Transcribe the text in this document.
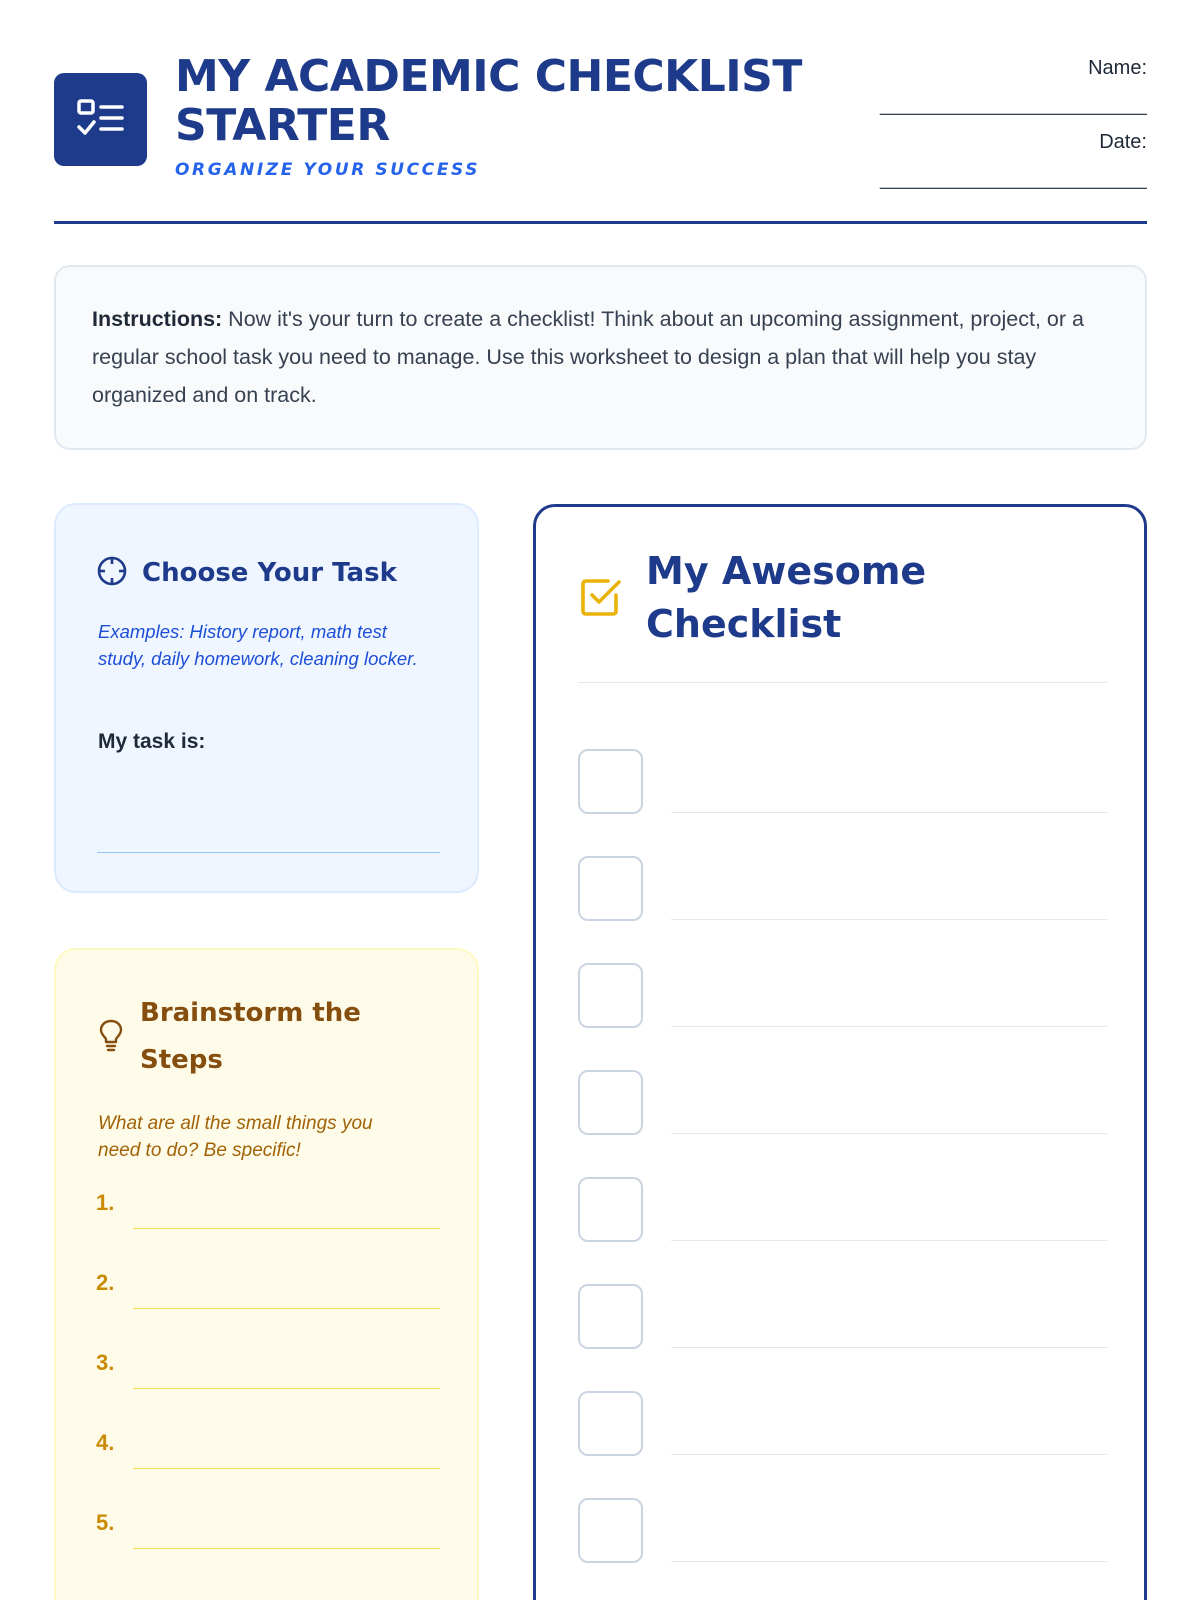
MY ACADEMIC CHECKLIST STARTER
ORGANIZE YOUR SUCCESS
Name:
________________________
Date:
________________________
Instructions: Now it's your turn to create a checklist! Think about an upcoming assignment, project, or a regular school task you need to manage. Use this worksheet to design a plan that will help you stay organized and on track.
Choose Your Task
Examples: History report, math test study, daily homework, cleaning locker.
My task is:
Brainstorm the Steps
What are all the small things you need to do? Be specific!
1.
2.
3.
4.
5.
My Awesome Checklist
